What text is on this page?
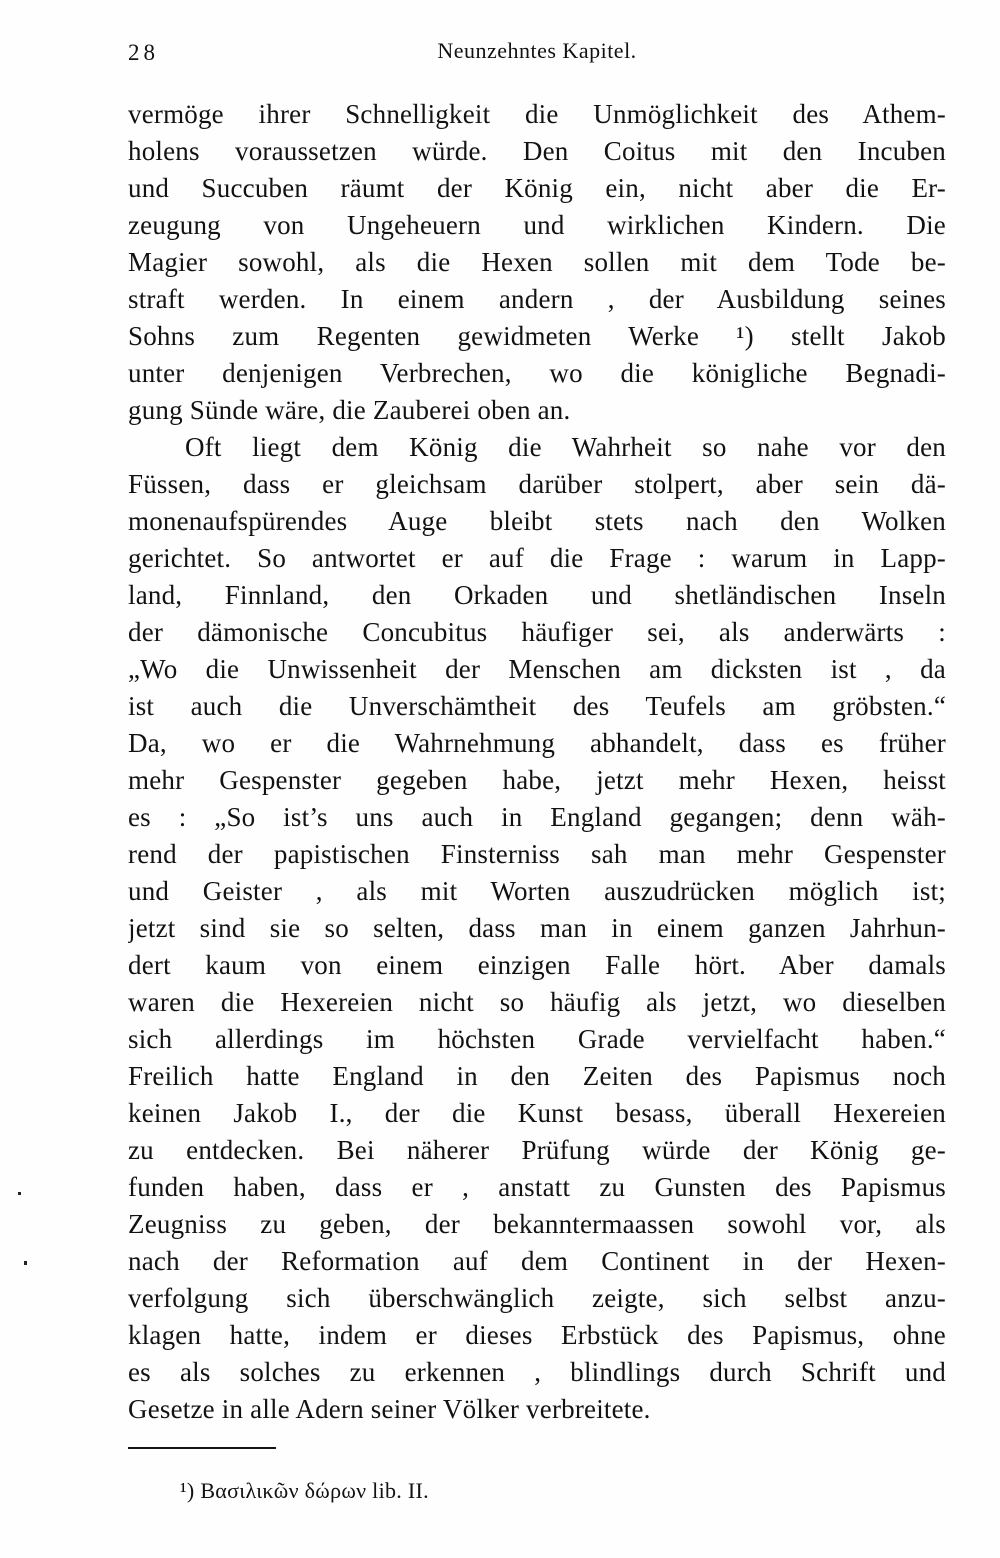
28	Neunzehntes Kapitel.
vermöge ihrer Schnelligkeit die Unmöglichkeit des Athem-
holens voraussetzen würde. Den Coitus mit den Incuben
und Succuben räumt der König ein, nicht aber die Er-
zeugung von Ungeheuern und wirklichen Kindern. Die
Magier sowohl, als die Hexen sollen mit dem Tode be-
straft werden. In einem andern , der Ausbildung seines
Sohns zum Regenten gewidmeten Werke ¹) stellt Jakob
unter denjenigen Verbrechen, wo die königliche Begnadi-
gung Sünde wäre, die Zauberei oben an.
Oft liegt dem König die Wahrheit so nahe vor den
Füssen, dass er gleichsam darüber stolpert, aber sein dä-
monenaufspürendes Auge bleibt stets nach den Wolken
gerichtet. So antwortet er auf die Frage : warum in Lapp-
land, Finnland, den Orkaden und shetländischen Inseln
der dämonische Concubitus häufiger sei, als anderwärts :
„Wo die Unwissenheit der Menschen am dicksten ist , da
ist auch die Unverschämtheit des Teufels am gröbsten.“
Da, wo er die Wahrnehmung abhandelt, dass es früher
mehr Gespenster gegeben habe, jetzt mehr Hexen, heisst
es : „So ist’s uns auch in England gegangen; denn wäh-
rend der papistischen Finsterniss sah man mehr Gespenster
und Geister , als mit Worten auszudrücken möglich ist;
jetzt sind sie so selten, dass man in einem ganzen Jahrhun-
dert kaum von einem einzigen Falle hört. Aber damals
waren die Hexereien nicht so häufig als jetzt, wo dieselben
sich allerdings im höchsten Grade vervielfacht haben.“
Freilich hatte England in den Zeiten des Papismus noch
keinen Jakob I., der die Kunst besass, überall Hexereien
zu entdecken. Bei näherer Prüfung würde der König ge-
funden haben, dass er , anstatt zu Gunsten des Papismus
Zeugniss zu geben, der bekanntermaassen sowohl vor, als
nach der Reformation auf dem Continent in der Hexen-
verfolgung sich überschwänglich zeigte, sich selbst anzu-
klagen hatte, indem er dieses Erbstück des Papismus, ohne
es als solches zu erkennen , blindlings durch Schrift und
Gesetze in alle Adern seiner Völker verbreitete.
¹) Βασιλικῶν δώρων lib. II.
